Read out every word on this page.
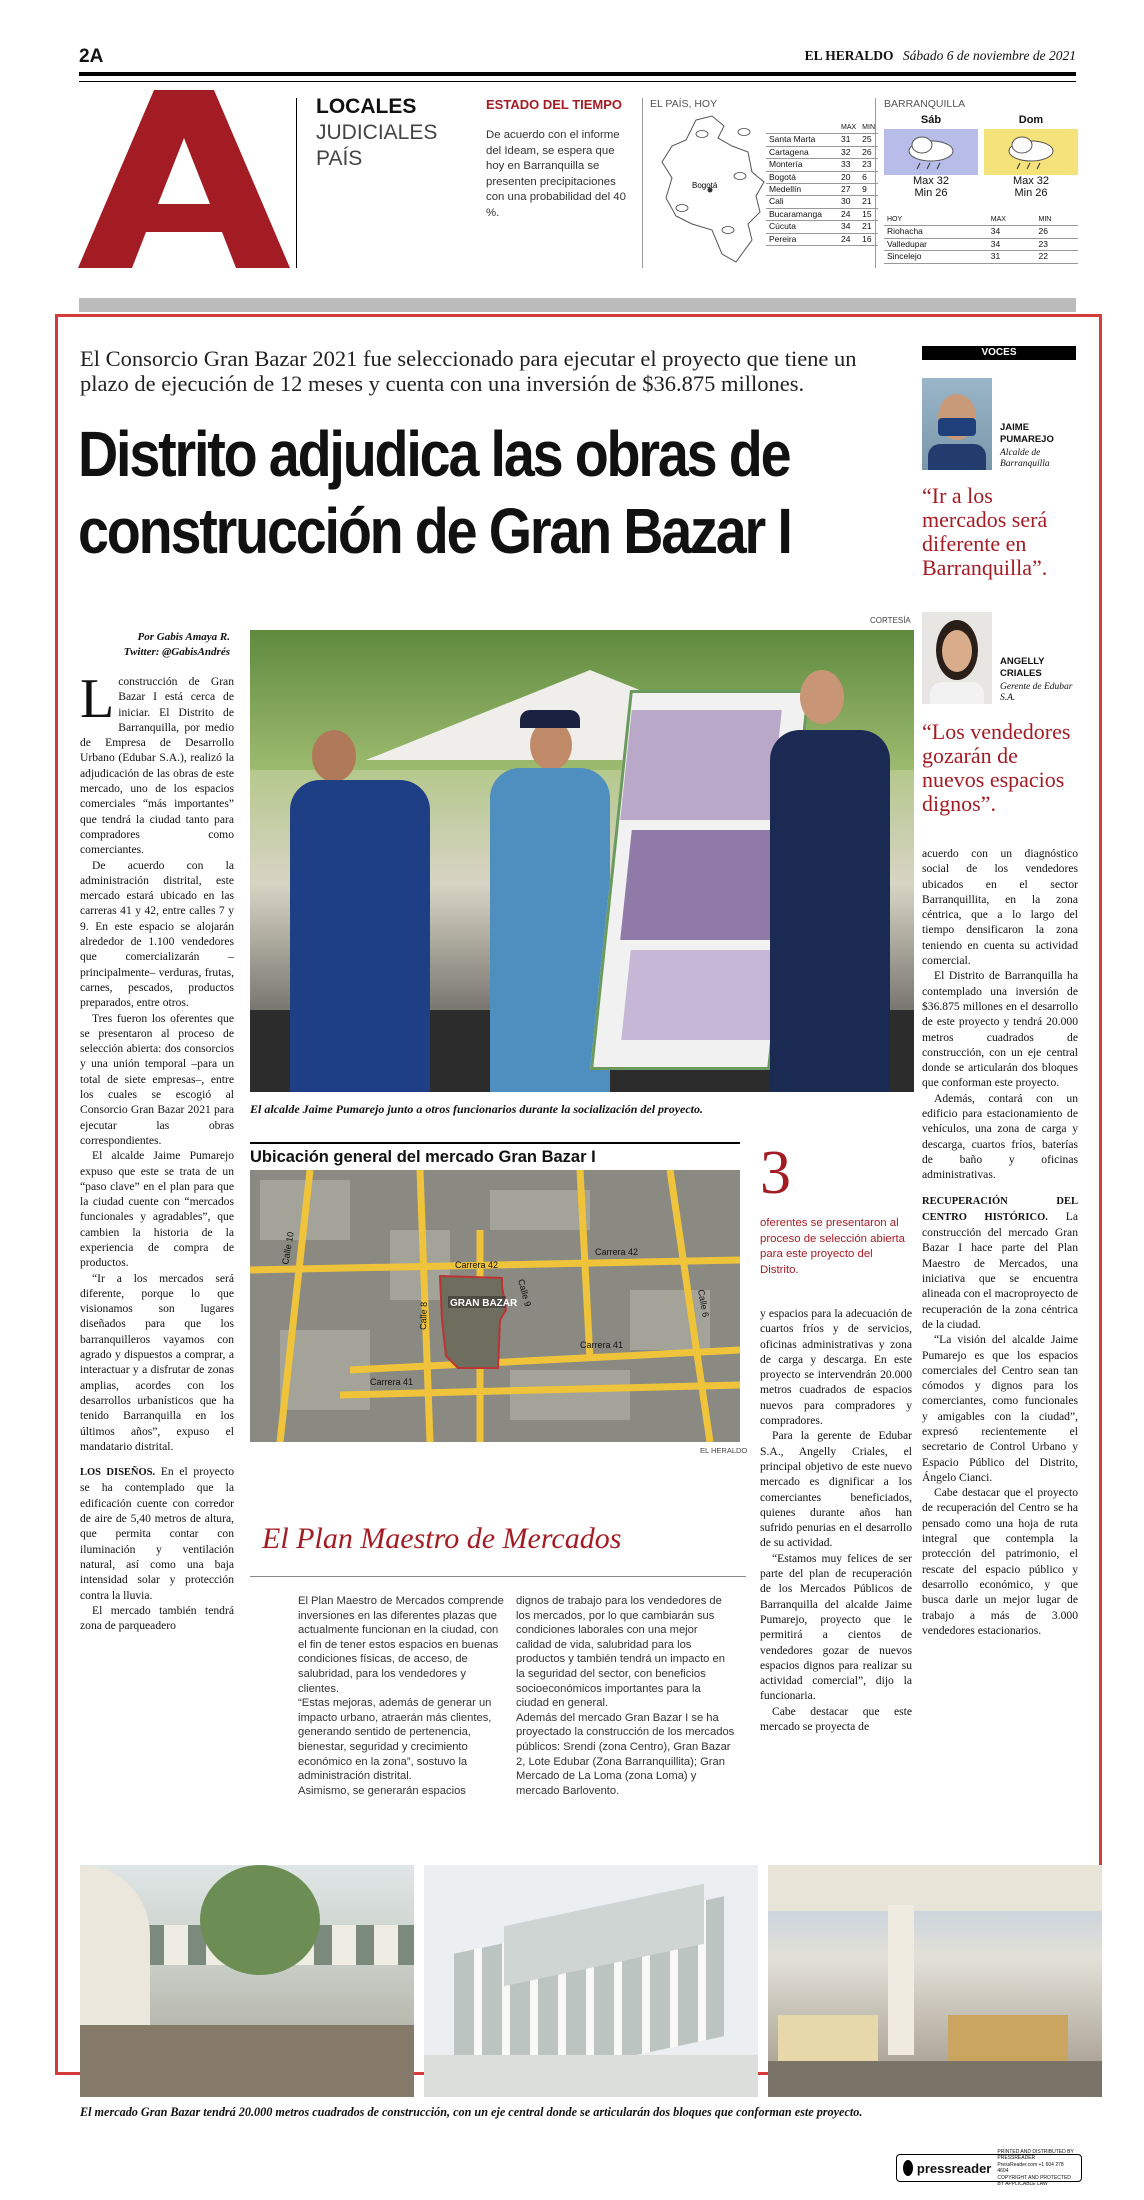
2A	EL HERALDO Sábado 6 de noviembre de 2021
LOCALES
JUDICIALES
PAÍS
ESTADO DEL TIEMPO
De acuerdo con el informe del Ideam, se espera que hoy en Barranquilla se presenten precipitaciones con una probabilidad del 40 %.
EL PAÍS, HOY
Bogotá
	MAX	MIN
Santa Marta	31	25
Cartagena	32	26
Montería	33	23
Bogotá	20	6
Medellín	27	9
Cali	30	21
Bucaramanga	24	15
Cúcuta	34	21
Pereira	24	16
BARRANQUILLA
Sáb
Max 32
Min 26
Dom
Max 32
Min 26
HOY	MAX	MIN
Riohacha	34	26
Valledupar	34	23
Sincelejo	31	22
El Consorcio Gran Bazar 2021 fue seleccionado para ejecutar el proyecto que tiene un plazo de ejecución de 12 meses y cuenta con una inversión de $36.875 millones.
Distrito adjudica las obras de
construcción de Gran Bazar I
VOCES
JAIME PUMAREJO
Alcalde de Barranquilla
“Ir a los mercados será diferente en Barranquilla”.
ANGELLY CRIALES
Gerente de Edubar S.A.
“Los vendedores gozarán de nuevos espacios dignos”.
Por Gabis Amaya R.
Twitter: @GabisAndrés
L construcción de Gran Bazar I está cerca de iniciar. El Distrito de Barranquilla, por medio de Empresa de Desarrollo Urbano (Edubar S.A.), realizó la adjudicación de las obras de este mercado, uno de los espacios comerciales “más importantes” que tendrá la ciudad tanto para compradores como comerciantes.

De acuerdo con la administración distrital, este mercado estará ubicado en las carreras 41 y 42, entre calles 7 y 9. En este espacio se alojarán alrededor de 1.100 vendedores que comercializarán –principalmente– verduras, frutas, carnes, pescados, productos preparados, entre otros.

Tres fueron los oferentes que se presentaron al proceso de selección abierta: dos consorcios y una unión temporal –para un total de siete empresas–, entre los cuales se escogió al Consorcio Gran Bazar 2021 para ejecutar las obras correspondientes.

El alcalde Jaime Pumarejo expuso que este se trata de un “paso clave” en el plan para que la ciudad cuente con “mercados funcionales y agradables”, que cambien la historia de la experiencia de compra de productos.

“Ir a los mercados será diferente, porque lo que visionamos son lugares diseñados para que los barranquilleros vayamos con agrado y dispuestos a comprar, a interactuar y a disfrutar de zonas amplias, acordes con los desarrollos urbanísticos que ha tenido Barranquilla en los últimos años”, expuso el mandatario distrital.

LOS DISEÑOS. En el proyecto se ha contemplado que la edificación cuente con corredor de aire de 5,40 metros de altura, que permita contar con iluminación y ventilación natural, así como una baja intensidad solar y protección contra la lluvia.

El mercado también tendrá zona de parqueadero

CORTESÍA
El alcalde Jaime Pumarejo junto a otros funcionarios durante la socialización del proyecto.

acuerdo con un diagnóstico social de los vendedores ubicados en el sector Barranquillita, en la zona céntrica, que a lo largo del tiempo densificaron la zona teniendo en cuenta su actividad comercial.

El Distrito de Barranquilla ha contemplado una inversión de $36.875 millones en el desarrollo de este proyecto y tendrá 20.000 metros cuadrados de construcción, con un eje central donde se articularán dos bloques que conforman este proyecto.

Además, contará con un edificio para estacionamiento de vehículos, una zona de carga y descarga, cuartos fríos, baterías de baño y oficinas administrativas.

RECUPERACIÓN DEL CENTRO HISTÓRICO. La construcción del mercado Gran Bazar I hace parte del Plan Maestro de Mercados, una iniciativa que se encuentra alineada con el macroproyecto de recuperación de la zona céntrica de la ciudad.

“La visión del alcalde Jaime Pumarejo es que los espacios comerciales del Centro sean tan cómodos y dignos para los comerciantes, como funcionales y amigables con la ciudad”, expresó recientemente el secretario de Control Urbano y Espacio Público del Distrito, Ángelo Cianci.

Cabe destacar que el proyecto de recuperación del Centro se ha pensado como una hoja de ruta integral que contempla la protección del patrimonio, el rescate del espacio público y desarrollo económico, y que busca darle un mejor lugar de trabajo a más de 3.000 vendedores estacionarios.

Ubicación general del mercado Gran Bazar I
Carrera 42
Carrera 42
Carrera 41
Carrera 41
Calle 10
Calle 8
Calle 9	Calle 6
GRAN BAZAR
EL HERALDO
3
oferentes se presentaron al proceso de selección abierta para este proyecto del Distrito.

y espacios para la adecuación de cuartos fríos y de servicios, oficinas administrativas y zona de carga y descarga. En este proyecto se intervendrán 20.000 metros cuadrados de espacios nuevos para compradores y compradores.

Para la gerente de Edubar S.A., Angelly Criales, el principal objetivo de este nuevo mercado es dignificar a los comerciantes beneficiados, quienes durante años han sufrido penurias en el desarrollo de su actividad.

“Estamos muy felices de ser parte del plan de recuperación de los Mercados Públicos de Barranquilla del alcalde Jaime Pumarejo, proyecto que le permitirá a cientos de vendedores gozar de nuevos espacios dignos para realizar su actividad comercial”, dijo la funcionaria.

Cabe destacar que este mercado se proyecta de

El Plan Maestro de Mercados

El Plan Maestro de Mercados comprende inversiones en las diferentes plazas que actualmente funcionan en la ciudad, con el fin de tener estos espacios en buenas condiciones físicas, de acceso, de salubridad, para los vendedores y clientes.

“Estas mejoras, además de generar un impacto urbano, atraerán más clientes, generando sentido de pertenencia, bienestar, seguridad y crecimiento económico en la zona”, sostuvo la administración distrital.

Asimismo, se generarán espacios

dignos de trabajo para los vendedores de los mercados, por lo que cambiarán sus condiciones laborales con una mejor calidad de vida, salubridad para los productos y también tendrá un impacto en la seguridad del sector, con beneficios socioeconómicos importantes para la ciudad en general.

Además del mercado Gran Bazar I se ha proyectado la construcción de los mercados públicos: Srendi (zona Centro), Gran Bazar 2, Lote Edubar (Zona Barranquillita); Gran Mercado de La Loma (zona Loma) y mercado Barlovento.

El mercado Gran Bazar tendrá 20.000 metros cuadrados de construcción, con un eje central donde se articularán dos bloques que conforman este proyecto.
pressreader
PRINTED AND DISTRIBUTED BY PRESSREADER
PressReader.com +1 604 278 4604
COPYRIGHT AND PROTECTED BY APPLICABLE LAW
